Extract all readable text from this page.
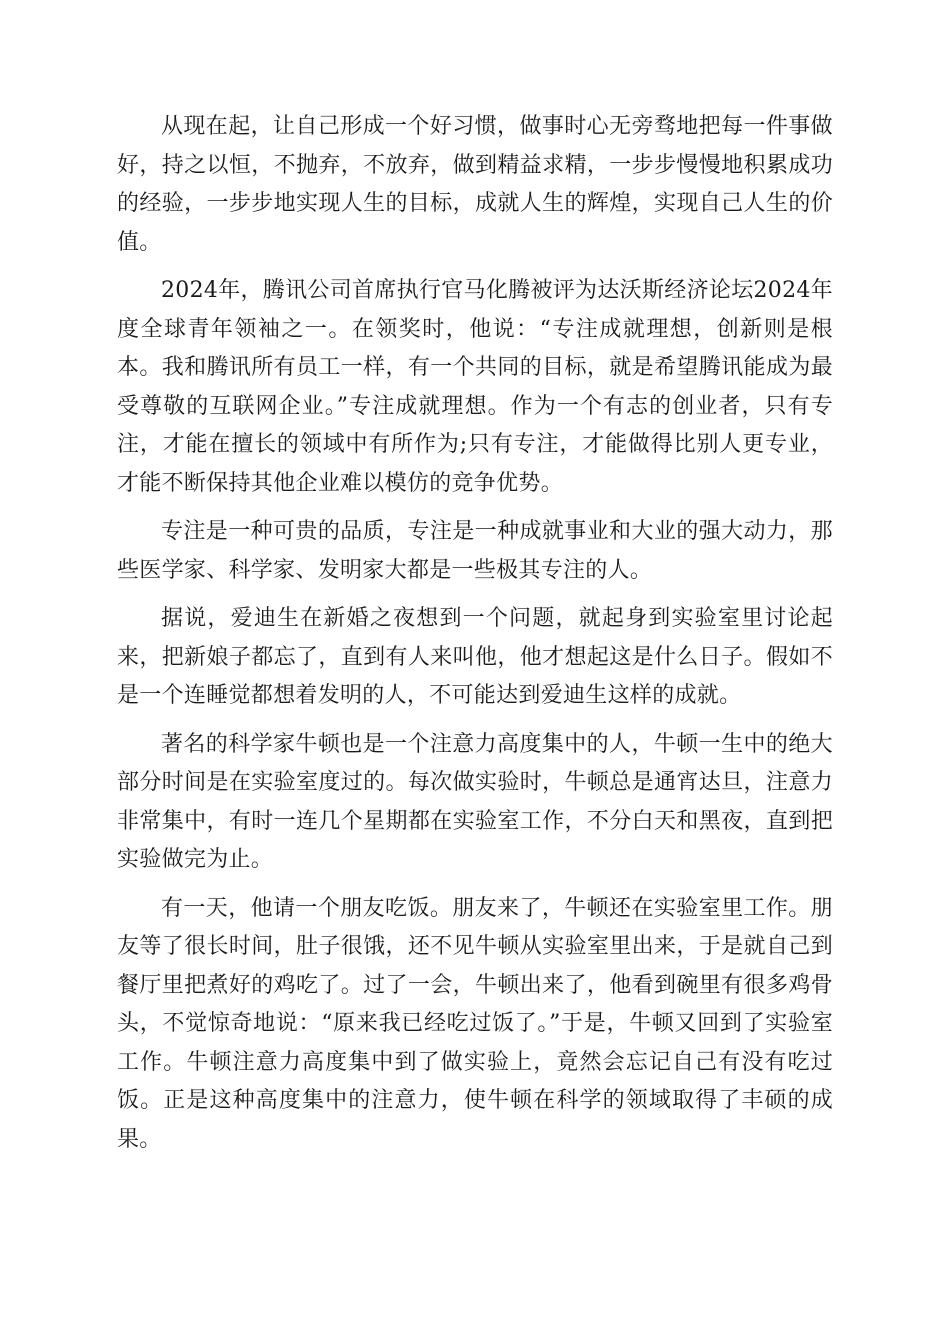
从现在起，让自己形成一个好习惯，做事时心无旁骛地把每一件事做好，持之以恒，不抛弃，不放弃，做到精益求精，一步步慢慢地积累成功的经验，一步步地实现人生的目标，成就人生的辉煌，实现自己人生的价值。

2024年，腾讯公司首席执行官马化腾被评为达沃斯经济论坛2024年度全球青年领袖之一。在领奖时，他说：“专注成就理想，创新则是根本。我和腾讯所有员工一样，有一个共同的目标，就是希望腾讯能成为最受尊敬的互联网企业。”专注成就理想。作为一个有志的创业者，只有专注，才能在擅长的领域中有所作为;只有专注，才能做得比别人更专业，才能不断保持其他企业难以模仿的竞争优势。

专注是一种可贵的品质，专注是一种成就事业和大业的强大动力，那些医学家、科学家、发明家大都是一些极其专注的人。

据说，爱迪生在新婚之夜想到一个问题，就起身到实验室里讨论起来，把新娘子都忘了，直到有人来叫他，他才想起这是什么日子。假如不是一个连睡觉都想着发明的人，不可能达到爱迪生这样的成就。

著名的科学家牛顿也是一个注意力高度集中的人，牛顿一生中的绝大部分时间是在实验室度过的。每次做实验时，牛顿总是通宵达旦，注意力非常集中，有时一连几个星期都在实验室工作，不分白天和黑夜，直到把实验做完为止。

有一天，他请一个朋友吃饭。朋友来了，牛顿还在实验室里工作。朋友等了很长时间，肚子很饿，还不见牛顿从实验室里出来，于是就自己到餐厅里把煮好的鸡吃了。过了一会，牛顿出来了，他看到碗里有很多鸡骨头，不觉惊奇地说：“原来我已经吃过饭了。”于是，牛顿又回到了实验室工作。牛顿注意力高度集中到了做实验上，竟然会忘记自己有没有吃过饭。正是这种高度集中的注意力，使牛顿在科学的领域取得了丰硕的成果。
